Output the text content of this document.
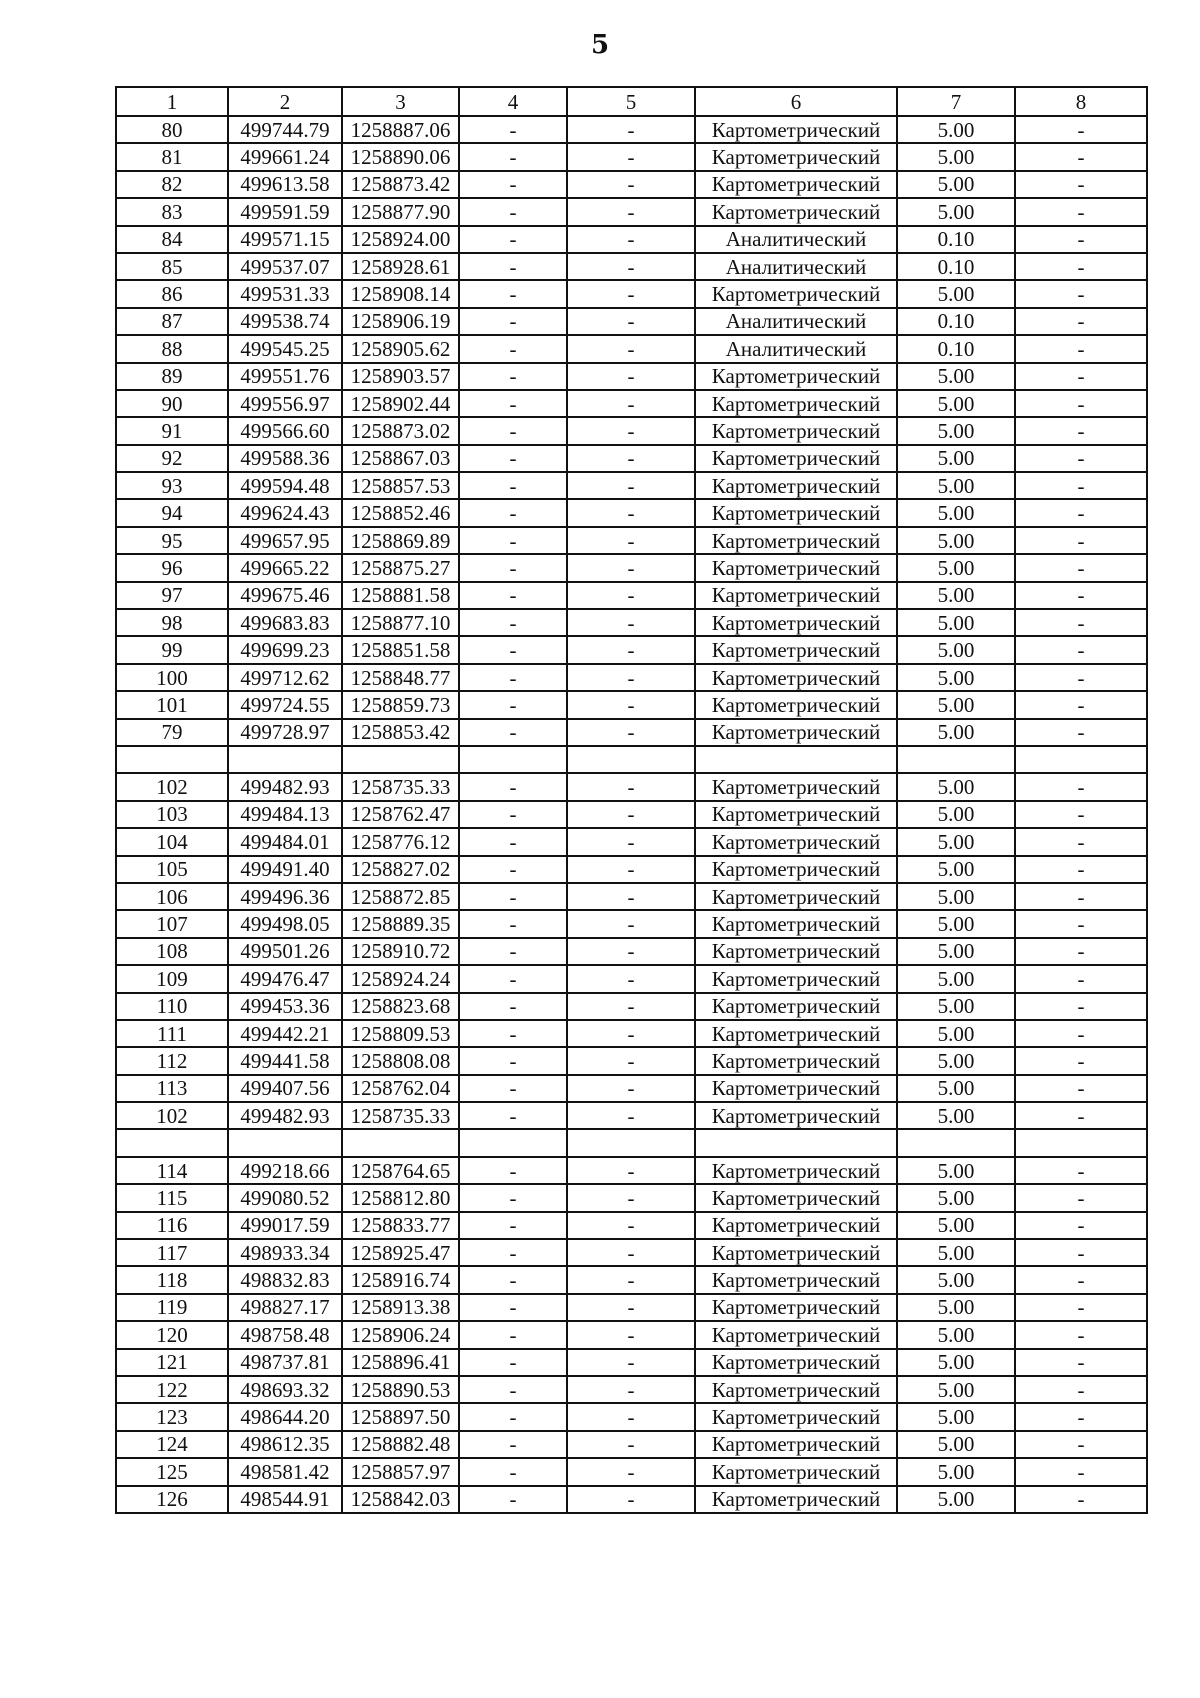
5
1	2	3	4	5	6	7	8
80	499744.79	1258887.06	-	-	Картометрический	5.00	-
81	499661.24	1258890.06	-	-	Картометрический	5.00	-
82	499613.58	1258873.42	-	-	Картометрический	5.00	-
83	499591.59	1258877.90	-	-	Картометрический	5.00	-
84	499571.15	1258924.00	-	-	Аналитический	0.10	-
85	499537.07	1258928.61	-	-	Аналитический	0.10	-
86	499531.33	1258908.14	-	-	Картометрический	5.00	-
87	499538.74	1258906.19	-	-	Аналитический	0.10	-
88	499545.25	1258905.62	-	-	Аналитический	0.10	-
89	499551.76	1258903.57	-	-	Картометрический	5.00	-
90	499556.97	1258902.44	-	-	Картометрический	5.00	-
91	499566.60	1258873.02	-	-	Картометрический	5.00	-
92	499588.36	1258867.03	-	-	Картометрический	5.00	-
93	499594.48	1258857.53	-	-	Картометрический	5.00	-
94	499624.43	1258852.46	-	-	Картометрический	5.00	-
95	499657.95	1258869.89	-	-	Картометрический	5.00	-
96	499665.22	1258875.27	-	-	Картометрический	5.00	-
97	499675.46	1258881.58	-	-	Картометрический	5.00	-
98	499683.83	1258877.10	-	-	Картометрический	5.00	-
99	499699.23	1258851.58	-	-	Картометрический	5.00	-
100	499712.62	1258848.77	-	-	Картометрический	5.00	-
101	499724.55	1258859.73	-	-	Картометрический	5.00	-
79	499728.97	1258853.42	-	-	Картометрический	5.00	-

102	499482.93	1258735.33	-	-	Картометрический	5.00	-
103	499484.13	1258762.47	-	-	Картометрический	5.00	-
104	499484.01	1258776.12	-	-	Картометрический	5.00	-
105	499491.40	1258827.02	-	-	Картометрический	5.00	-
106	499496.36	1258872.85	-	-	Картометрический	5.00	-
107	499498.05	1258889.35	-	-	Картометрический	5.00	-
108	499501.26	1258910.72	-	-	Картометрический	5.00	-
109	499476.47	1258924.24	-	-	Картометрический	5.00	-
110	499453.36	1258823.68	-	-	Картометрический	5.00	-
111	499442.21	1258809.53	-	-	Картометрический	5.00	-
112	499441.58	1258808.08	-	-	Картометрический	5.00	-
113	499407.56	1258762.04	-	-	Картометрический	5.00	-
102	499482.93	1258735.33	-	-	Картометрический	5.00	-

114	499218.66	1258764.65	-	-	Картометрический	5.00	-
115	499080.52	1258812.80	-	-	Картометрический	5.00	-
116	499017.59	1258833.77	-	-	Картометрический	5.00	-
117	498933.34	1258925.47	-	-	Картометрический	5.00	-
118	498832.83	1258916.74	-	-	Картометрический	5.00	-
119	498827.17	1258913.38	-	-	Картометрический	5.00	-
120	498758.48	1258906.24	-	-	Картометрический	5.00	-
121	498737.81	1258896.41	-	-	Картометрический	5.00	-
122	498693.32	1258890.53	-	-	Картометрический	5.00	-
123	498644.20	1258897.50	-	-	Картометрический	5.00	-
124	498612.35	1258882.48	-	-	Картометрический	5.00	-
125	498581.42	1258857.97	-	-	Картометрический	5.00	-
126	498544.91	1258842.03	-	-	Картометрический	5.00	-
